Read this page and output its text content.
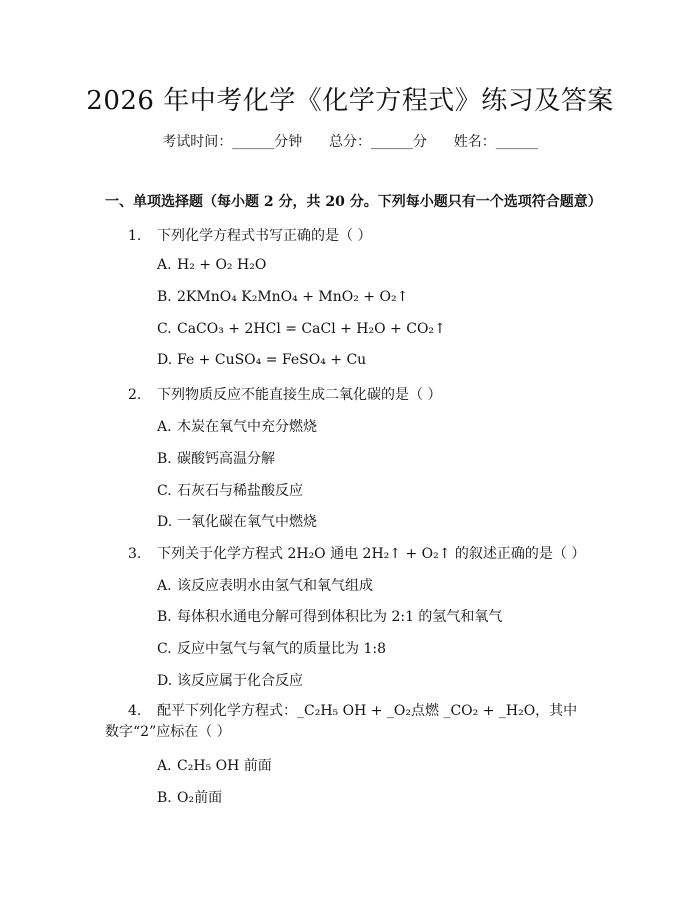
2026 年中考化学《化学方程式》练习及答案
考试时间：______分钟 总分：______分 姓名：______
一、单项选择题（每小题 2 分，共 20 分。下列每小题只有一个选项符合题意）
1. 下列化学方程式书写正确的是（ ）
A. H₂ + O₂ H₂O
B. 2KMnO₄ K₂MnO₄ + MnO₂ + O₂↑
C. CaCO₃ + 2HCl = CaCl + H₂O + CO₂↑
D. Fe + CuSO₄ = FeSO₄ + Cu
2. 下列物质反应不能直接生成二氧化碳的是（ ）
A. 木炭在氧气中充分燃烧
B. 碳酸钙高温分解
C. 石灰石与稀盐酸反应
D. 一氧化碳在氧气中燃烧
3. 下列关于化学方程式 2H₂O 通电 2H₂↑ + O₂↑ 的叙述正确的是（ ）
A. 该反应表明水由氢气和氧气组成
B. 每体积水通电分解可得到体积比为 2:1 的氢气和氧气
C. 反应中氢气与氧气的质量比为 1:8
D. 该反应属于化合反应
4. 配平下列化学方程式：_C₂H₅ OH + _O₂点燃 _CO₂ + _H₂O，其中数字“2”应标在（ ）
A. C₂H₅ OH 前面
B. O₂前面
